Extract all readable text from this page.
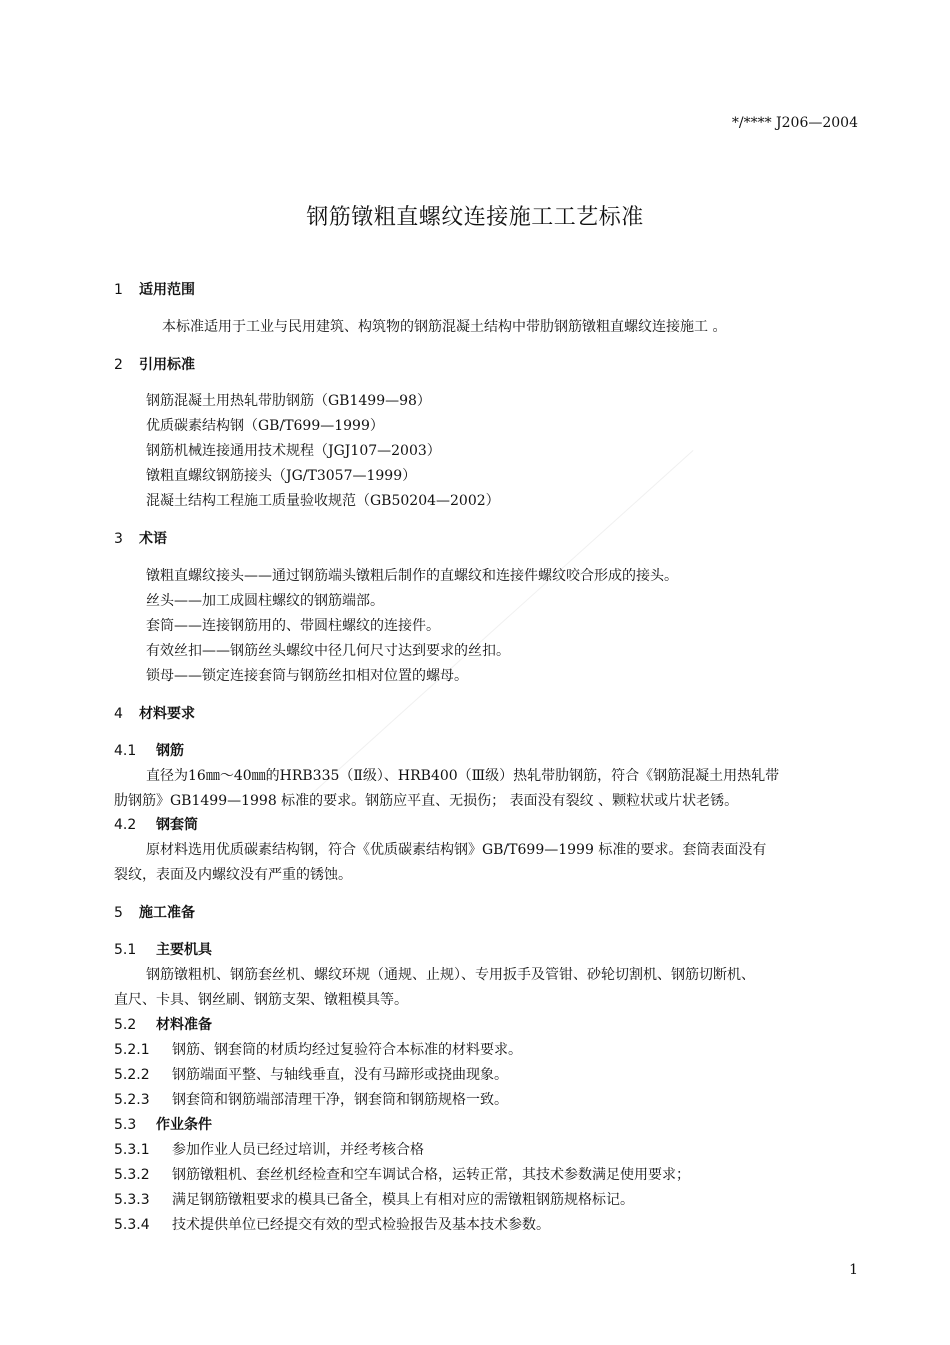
*/**** J206—2004
钢筋镦粗直螺纹连接施工工艺标准
1 适用范围
本标准适用于工业与民用建筑、构筑物的钢筋混凝土结构中带肋钢筋镦粗直螺纹连接施工 。
2 引用标准
钢筋混凝土用热轧带肋钢筋（GB1499—98）
优质碳素结构钢（GB/T699—1999）
钢筋机械连接通用技术规程（JGJ107—2003）
镦粗直螺纹钢筋接头（JG/T3057—1999）
混凝土结构工程施工质量验收规范（GB50204—2002）
3 术语
镦粗直螺纹接头——通过钢筋端头镦粗后制作的直螺纹和连接件螺纹咬合形成的接头。
丝头——加工成圆柱螺纹的钢筋端部。
套筒——连接钢筋用的、带圆柱螺纹的连接件。
有效丝扣——钢筋丝头螺纹中径几何尺寸达到要求的丝扣。
锁母——锁定连接套筒与钢筋丝扣相对位置的螺母。
4 材料要求
4.1 钢筋
直径为16㎜～40㎜的HRB335（Ⅱ级）、HRB400（Ⅲ级）热轧带肋钢筋，符合《钢筋混凝土用热轧带
肋钢筋》GB1499—1998 标准的要求。钢筋应平直、无损伤； 表面没有裂纹 、颗粒状或片状老锈。
4.2 钢套筒
原材料选用优质碳素结构钢，符合《优质碳素结构钢》GB/T699—1999 标准的要求。套筒表面没有
裂纹，表面及内螺纹没有严重的锈蚀。
5 施工准备
5.1 主要机具
钢筋镦粗机、钢筋套丝机、螺纹环规（通规、止规）、专用扳手及管钳、砂轮切割机、钢筋切断机、
直尺、卡具、钢丝刷、钢筋支架、镦粗模具等。
5.2 材料准备
5.2.1 钢筋、钢套筒的材质均经过复验符合本标准的材料要求。
5.2.2 钢筋端面平整、与轴线垂直，没有马蹄形或挠曲现象。
5.2.3 钢套筒和钢筋端部清理干净，钢套筒和钢筋规格一致。
5.3 作业条件
5.3.1 参加作业人员已经过培训，并经考核合格
5.3.2 钢筋镦粗机、套丝机经检查和空车调试合格，运转正常，其技术参数满足使用要求；
5.3.3 满足钢筋镦粗要求的模具已备全，模具上有相对应的需镦粗钢筋规格标记。
5.3.4 技术提供单位已经提交有效的型式检验报告及基本技术参数。
1
